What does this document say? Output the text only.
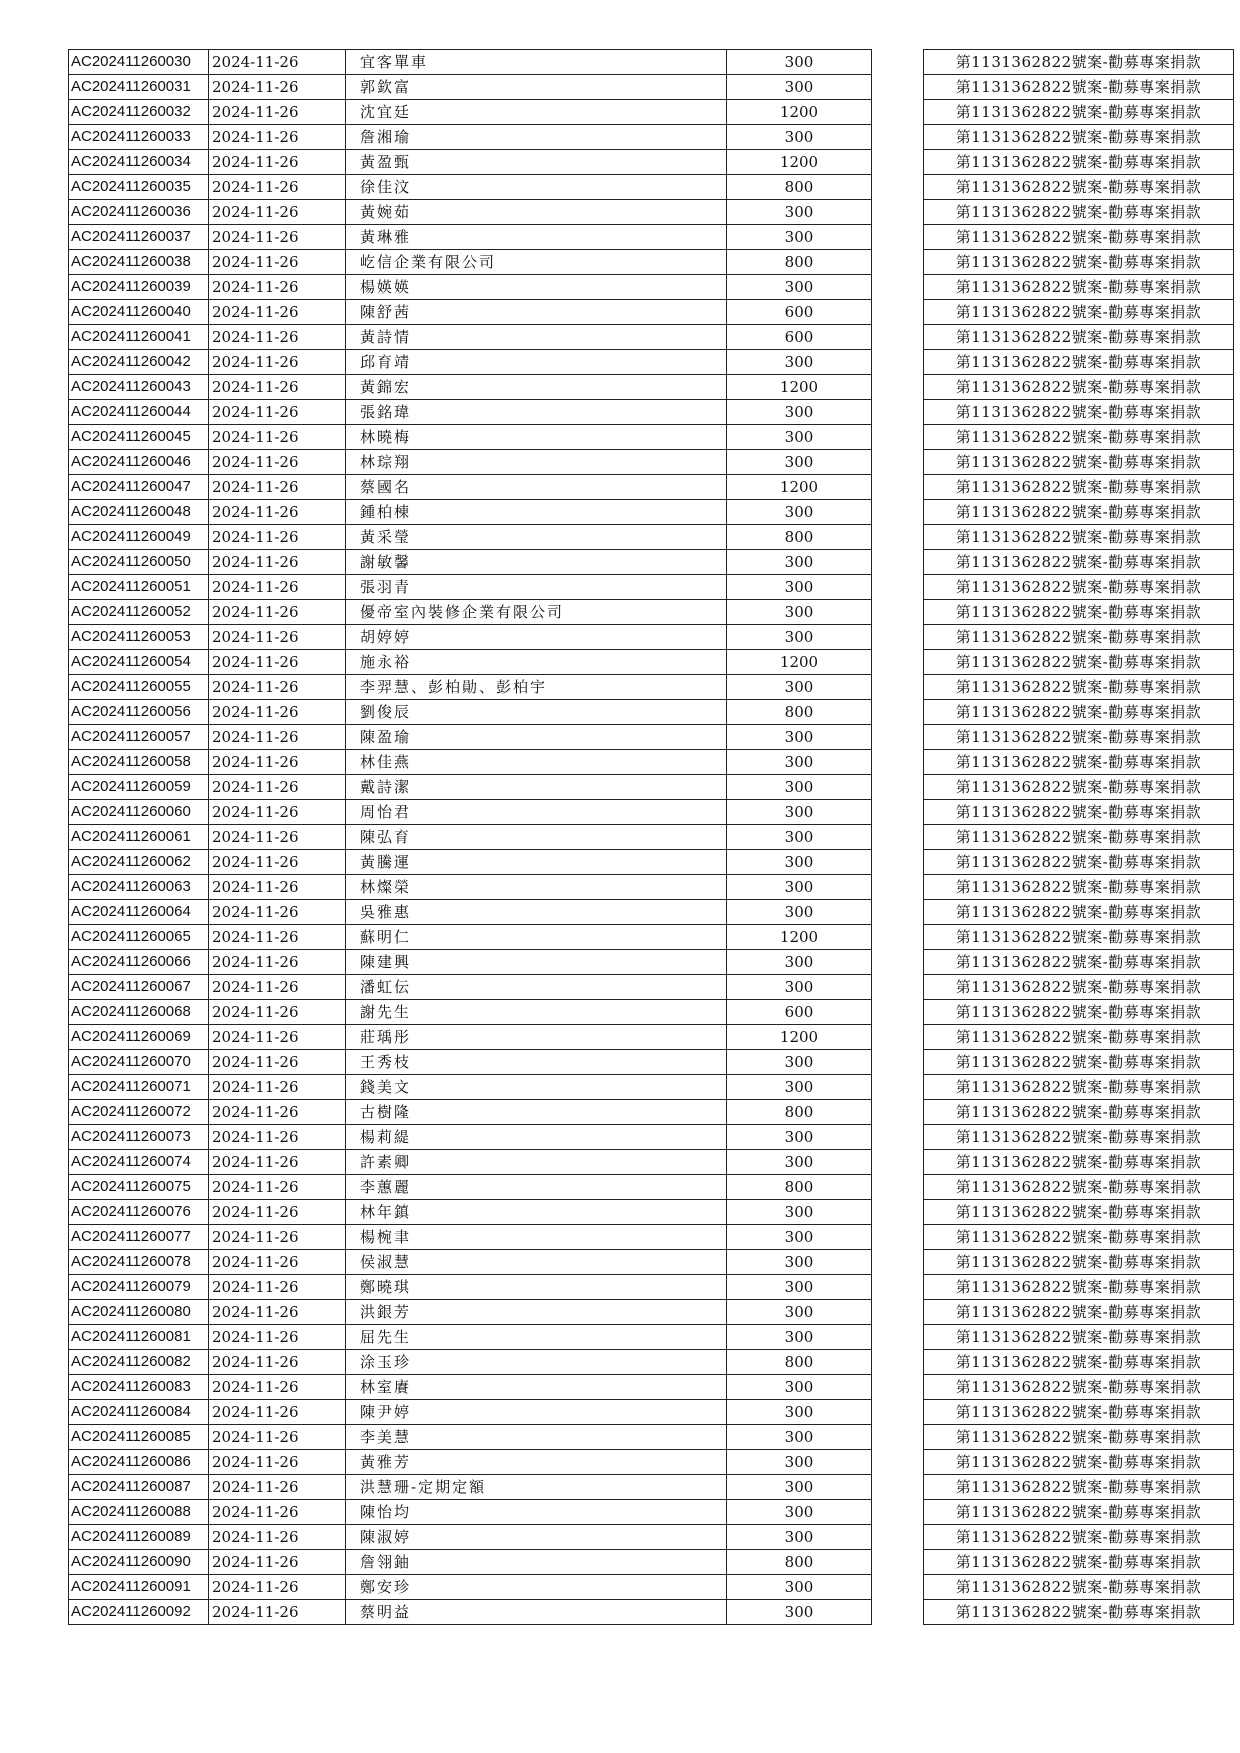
AC202411260030	2024-11-26	宜客單車	300		第1131362822號案-勸募專案捐款
AC202411260031	2024-11-26	郭欽富	300		第1131362822號案-勸募專案捐款
AC202411260032	2024-11-26	沈宜廷	1200		第1131362822號案-勸募專案捐款
AC202411260033	2024-11-26	詹湘瑜	300		第1131362822號案-勸募專案捐款
AC202411260034	2024-11-26	黃盈甄	1200		第1131362822號案-勸募專案捐款
AC202411260035	2024-11-26	徐佳汶	800		第1131362822號案-勸募專案捐款
AC202411260036	2024-11-26	黃婉茹	300		第1131362822號案-勸募專案捐款
AC202411260037	2024-11-26	黃琳雅	300		第1131362822號案-勸募專案捐款
AC202411260038	2024-11-26	屹信企業有限公司	800		第1131362822號案-勸募專案捐款
AC202411260039	2024-11-26	楊媖媖	300		第1131362822號案-勸募專案捐款
AC202411260040	2024-11-26	陳舒茜	600		第1131362822號案-勸募專案捐款
AC202411260041	2024-11-26	黃詩情	600		第1131362822號案-勸募專案捐款
AC202411260042	2024-11-26	邱育靖	300		第1131362822號案-勸募專案捐款
AC202411260043	2024-11-26	黃錦宏	1200		第1131362822號案-勸募專案捐款
AC202411260044	2024-11-26	張銘瑋	300		第1131362822號案-勸募專案捐款
AC202411260045	2024-11-26	林曉梅	300		第1131362822號案-勸募專案捐款
AC202411260046	2024-11-26	林琮翔	300		第1131362822號案-勸募專案捐款
AC202411260047	2024-11-26	蔡國名	1200		第1131362822號案-勸募專案捐款
AC202411260048	2024-11-26	鍾柏棟	300		第1131362822號案-勸募專案捐款
AC202411260049	2024-11-26	黃采瑩	800		第1131362822號案-勸募專案捐款
AC202411260050	2024-11-26	謝敏馨	300		第1131362822號案-勸募專案捐款
AC202411260051	2024-11-26	張羽青	300		第1131362822號案-勸募專案捐款
AC202411260052	2024-11-26	優帝室內裝修企業有限公司	300		第1131362822號案-勸募專案捐款
AC202411260053	2024-11-26	胡婷婷	300		第1131362822號案-勸募專案捐款
AC202411260054	2024-11-26	施永裕	1200		第1131362822號案-勸募專案捐款
AC202411260055	2024-11-26	李羿慧、彭柏勛、彭柏宇	300		第1131362822號案-勸募專案捐款
AC202411260056	2024-11-26	劉俊辰	800		第1131362822號案-勸募專案捐款
AC202411260057	2024-11-26	陳盈瑜	300		第1131362822號案-勸募專案捐款
AC202411260058	2024-11-26	林佳燕	300		第1131362822號案-勸募專案捐款
AC202411260059	2024-11-26	戴詩潔	300		第1131362822號案-勸募專案捐款
AC202411260060	2024-11-26	周怡君	300		第1131362822號案-勸募專案捐款
AC202411260061	2024-11-26	陳弘育	300		第1131362822號案-勸募專案捐款
AC202411260062	2024-11-26	黃騰運	300		第1131362822號案-勸募專案捐款
AC202411260063	2024-11-26	林燦榮	300		第1131362822號案-勸募專案捐款
AC202411260064	2024-11-26	吳雅惠	300		第1131362822號案-勸募專案捐款
AC202411260065	2024-11-26	蘇明仁	1200		第1131362822號案-勸募專案捐款
AC202411260066	2024-11-26	陳建興	300		第1131362822號案-勸募專案捐款
AC202411260067	2024-11-26	潘虹伝	300		第1131362822號案-勸募專案捐款
AC202411260068	2024-11-26	謝先生	600		第1131362822號案-勸募專案捐款
AC202411260069	2024-11-26	莊瑀彤	1200		第1131362822號案-勸募專案捐款
AC202411260070	2024-11-26	王秀枝	300		第1131362822號案-勸募專案捐款
AC202411260071	2024-11-26	錢美文	300		第1131362822號案-勸募專案捐款
AC202411260072	2024-11-26	古樹隆	800		第1131362822號案-勸募專案捐款
AC202411260073	2024-11-26	楊莉緹	300		第1131362822號案-勸募專案捐款
AC202411260074	2024-11-26	許素卿	300		第1131362822號案-勸募專案捐款
AC202411260075	2024-11-26	李蕙麗	800		第1131362822號案-勸募專案捐款
AC202411260076	2024-11-26	林年鎮	300		第1131362822號案-勸募專案捐款
AC202411260077	2024-11-26	楊椀聿	300		第1131362822號案-勸募專案捐款
AC202411260078	2024-11-26	侯淑慧	300		第1131362822號案-勸募專案捐款
AC202411260079	2024-11-26	鄭曉琪	300		第1131362822號案-勸募專案捐款
AC202411260080	2024-11-26	洪銀芳	300		第1131362822號案-勸募專案捐款
AC202411260081	2024-11-26	屈先生	300		第1131362822號案-勸募專案捐款
AC202411260082	2024-11-26	涂玉珍	800		第1131362822號案-勸募專案捐款
AC202411260083	2024-11-26	林室賡	300		第1131362822號案-勸募專案捐款
AC202411260084	2024-11-26	陳尹婷	300		第1131362822號案-勸募專案捐款
AC202411260085	2024-11-26	李美慧	300		第1131362822號案-勸募專案捐款
AC202411260086	2024-11-26	黃雅芳	300		第1131362822號案-勸募專案捐款
AC202411260087	2024-11-26	洪慧珊-定期定額	300		第1131362822號案-勸募專案捐款
AC202411260088	2024-11-26	陳怡均	300		第1131362822號案-勸募專案捐款
AC202411260089	2024-11-26	陳淑婷	300		第1131362822號案-勸募專案捐款
AC202411260090	2024-11-26	詹翎鈾	800		第1131362822號案-勸募專案捐款
AC202411260091	2024-11-26	鄭安珍	300		第1131362822號案-勸募專案捐款
AC202411260092	2024-11-26	蔡明益	300		第1131362822號案-勸募專案捐款
